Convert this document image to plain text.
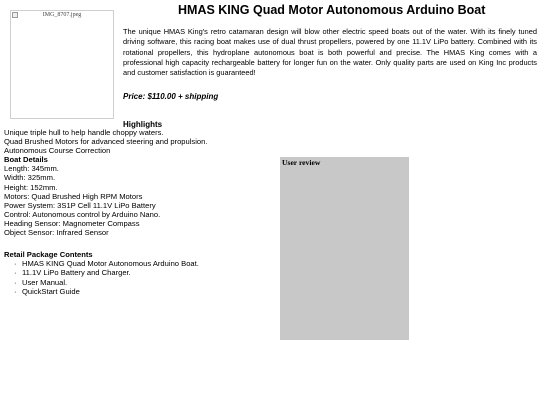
IMG_8707.jpeg	HMAS KING Quad Motor Autonomous Arduino Boat

The unique HMAS King's retro catamaran design will blow other electric speed boats out of the water. With its finely tuned driving software, this racing boat makes use of dual thrust propellers, powered by one 11.1V LiPo battery. Combined with its rotational propellers, this hydroplane autonomous boat is both powerful and precise. The HMAS King comes with a professional high capacity rechargeable battery for longer fun on the water. Only quality parts are used on King Inc products and customer satisfaction is guaranteed!

Price: $110.00 + shipping
Highlights
Unique triple hull to help handle choppy waters.
Quad Brushed Motors for advanced steering and propulsion.
Autonomous Course Correction
Boat Details
Length: 345mm.
Width: 325mm.
Height: 152mm.
Motors: Quad Brushed High RPM Motors
Power System: 3S1P Cell 11.1V LiPo Battery
Control: Autonomous control by Arduino Nano.
Heading Sensor: Magnometer Compass
Object Sensor: Infrared Sensor
Retail Package Contents
· HMAS KING Quad Motor Autonomous Arduino Boat.
· 11.1V LiPo Battery and Charger.
· User Manual.
· QuickStart Guide
User review
